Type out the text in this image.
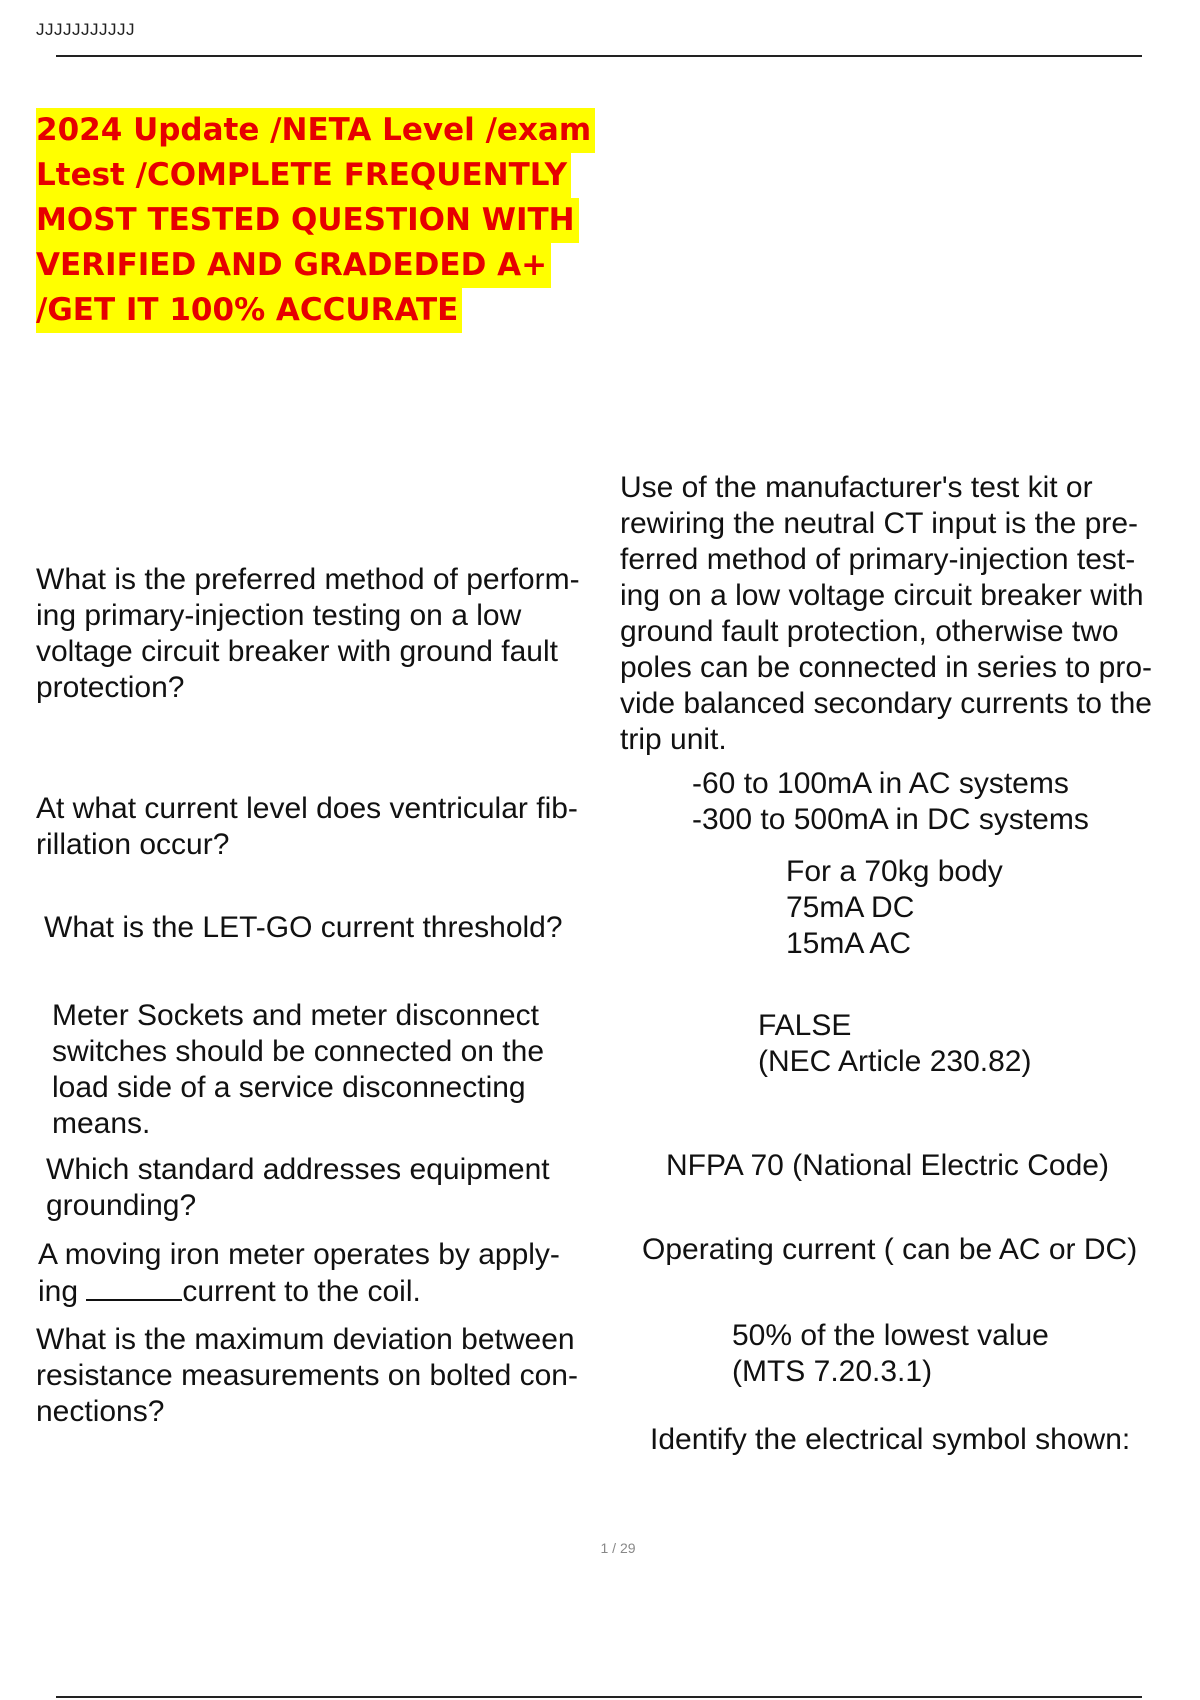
JJJJJJJJJJJ
2024 Update /NETA Level /exam
Ltest /COMPLETE FREQUENTLY
MOST TESTED QUESTION WITH
VERIFIED AND GRADEDED A+
/GET IT 100% ACCURATE
What is the preferred method of perform-
ing primary-injection testing on a low
voltage circuit breaker with ground fault
protection?
Use of the manufacturer's test kit or
rewiring the neutral CT input is the pre-
ferred method of primary-injection test-
ing on a low voltage circuit breaker with
ground fault protection, otherwise two
poles can be connected in series to pro-
vide balanced secondary currents to the
trip unit.
At what current level does ventricular fib-
rillation occur?
-60 to 100mA in AC systems
-300 to 500mA in DC systems
What is the LET-GO current threshold?
For a 70kg body
75mA DC
15mA AC
Meter Sockets and meter disconnect
switches should be connected on the
load side of a service disconnecting
means.
FALSE
(NEC Article 230.82)
Which standard addresses equipment
grounding?
NFPA 70 (National Electric Code)
A moving iron meter operates by apply-
ing	current to the coil.
Operating current ( can be AC or DC)
What is the maximum deviation between
resistance measurements on bolted con-
nections?
50% of the lowest value
(MTS 7.20.3.1)
Identify the electrical symbol shown:
1 / 29
